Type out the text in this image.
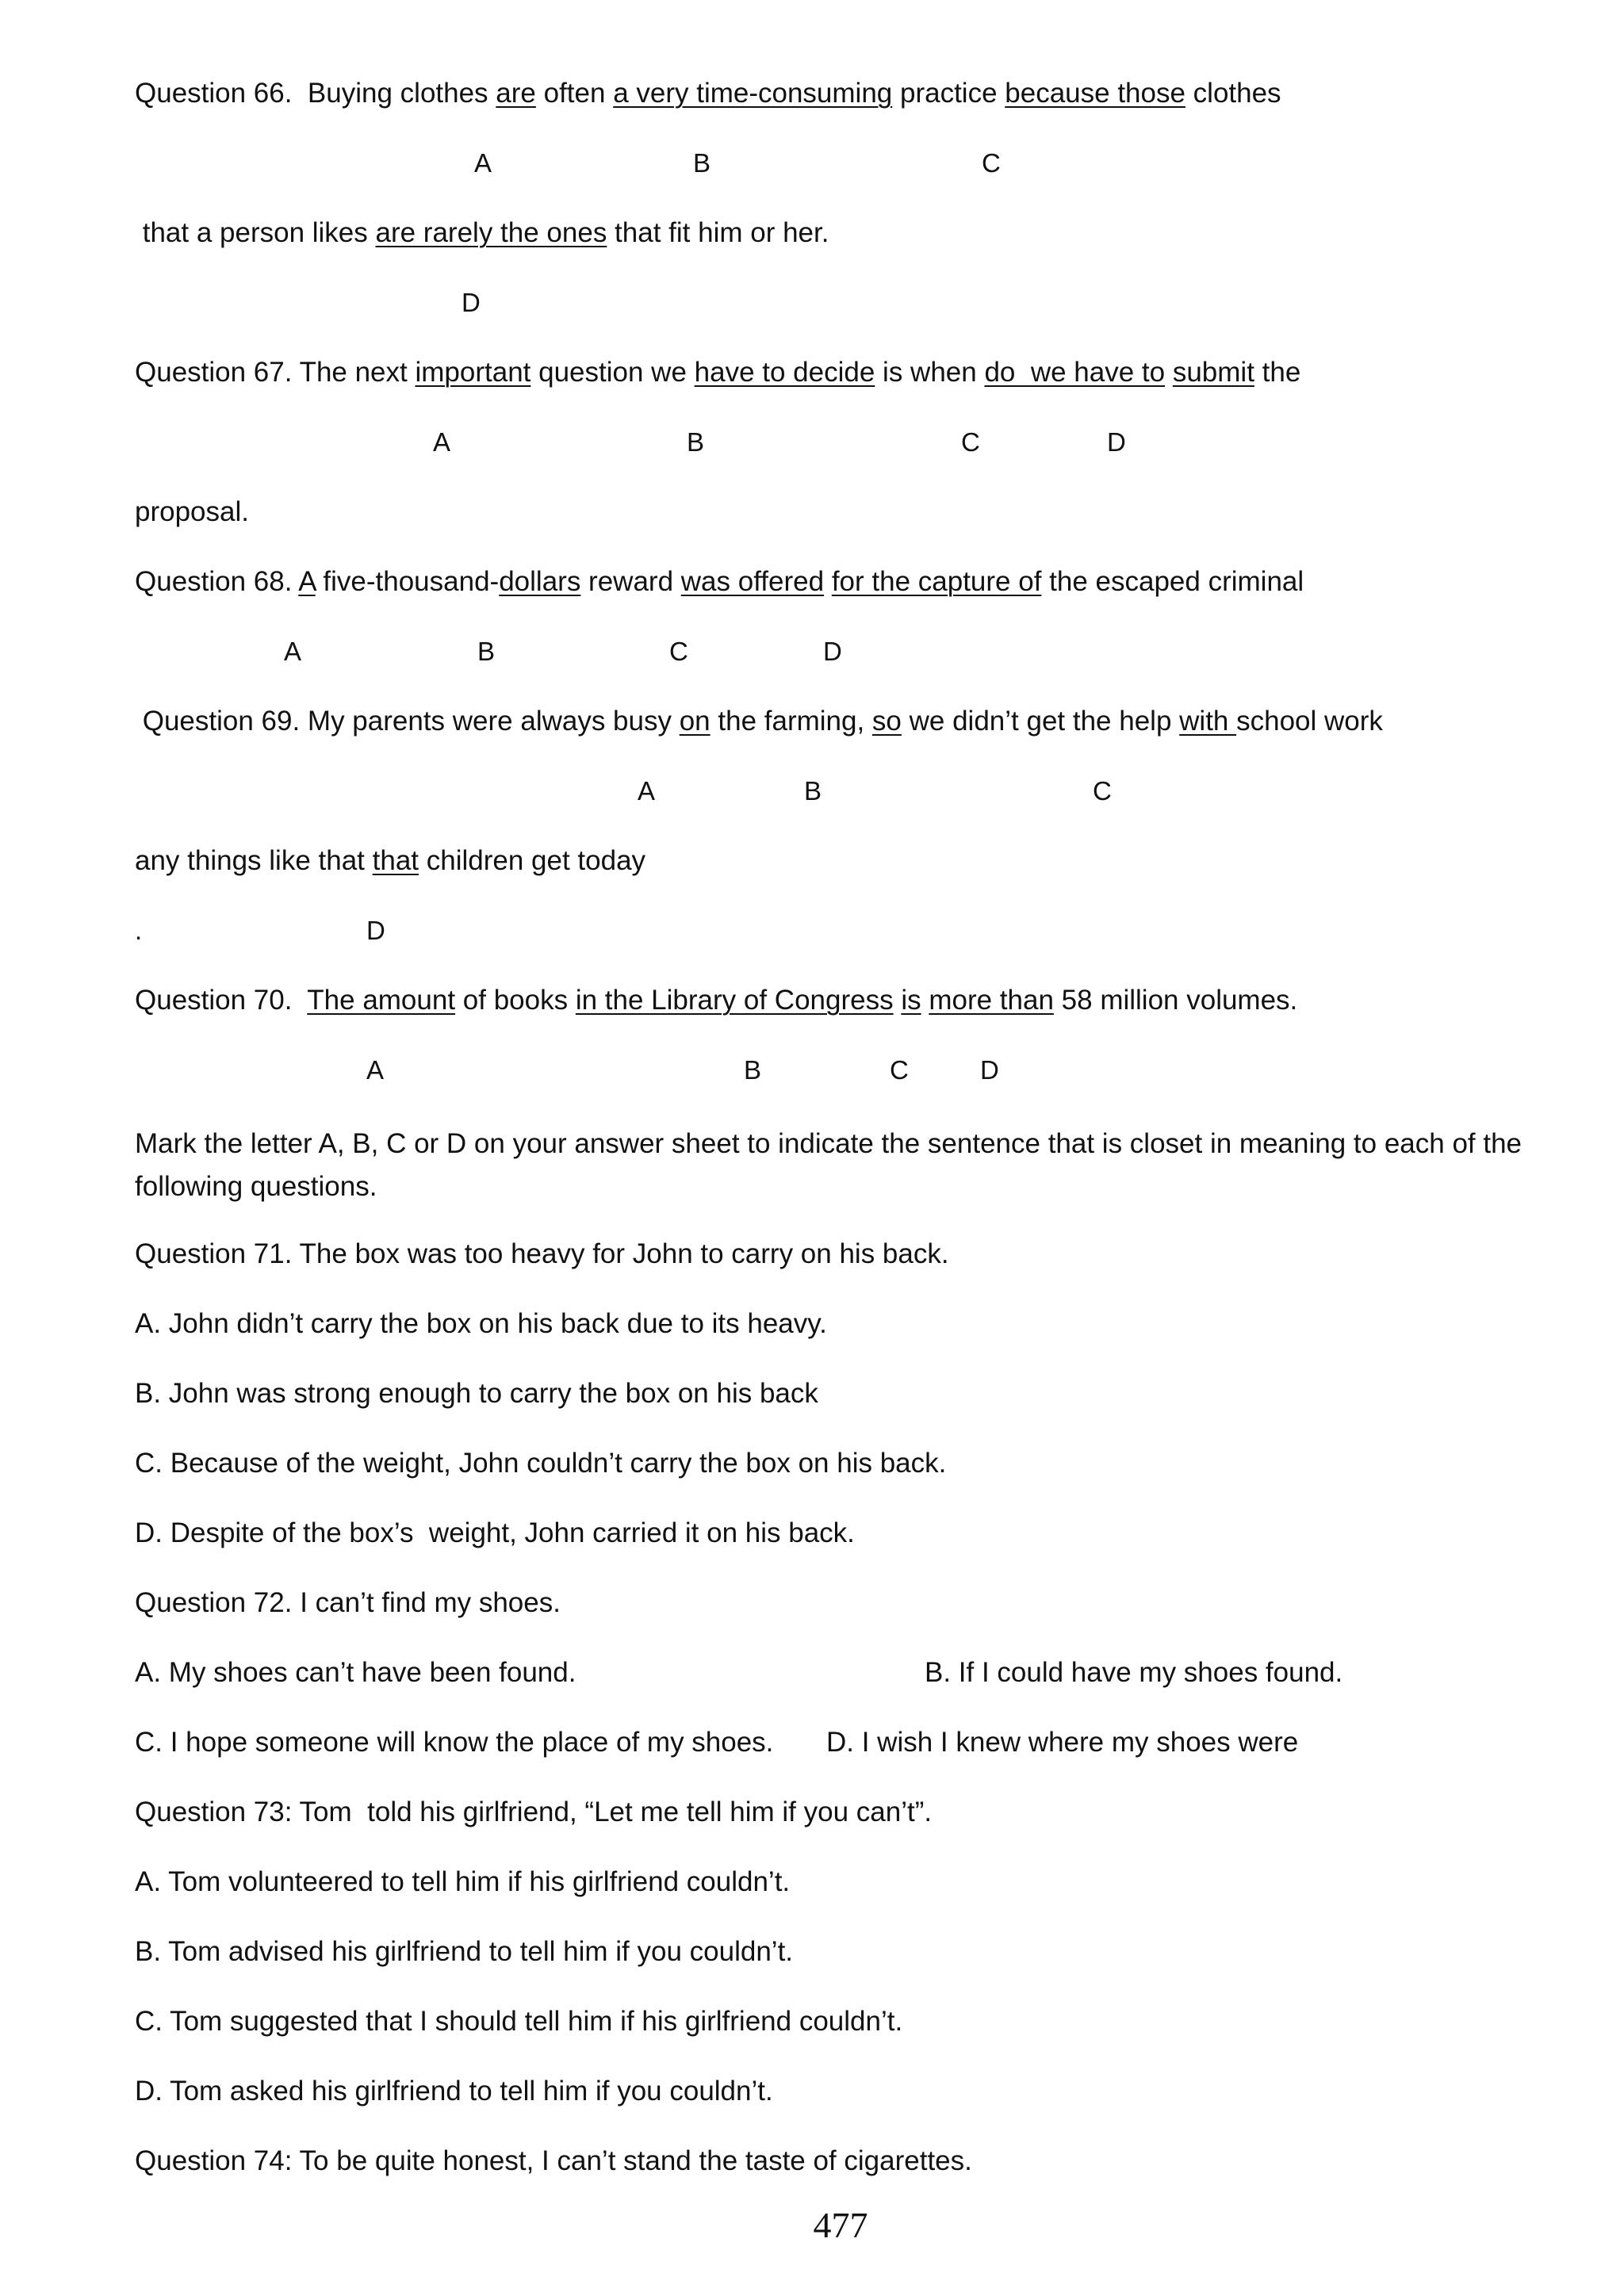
Question 66.  Buying clothes are often a very time-consuming practice because those clothes
A	B	C
that a person likes are rarely the ones that fit him or her.
D
Question 67. The next important question we have to decide is when do  we have to submit the
A	B	C	D
proposal.
Question 68. A five-thousand-dollars reward was offered for the capture of the escaped criminal
A	B	C	D
Question 69. My parents were always busy on the farming, so we didn’t get the help with school work
A	B	C
any things like that that children get today
.	D
Question 70.  The amount of books in the Library of Congress is more than 58 million volumes.
A	B	C	D
Mark the letter A, B, C or D on your answer sheet to indicate the sentence that is closet in meaning to each of the following questions.
Question 71. The box was too heavy for John to carry on his back.
A. John didn’t carry the box on his back due to its heavy.
B. John was strong enough to carry the box on his back
C. Because of the weight, John couldn’t carry the box on his back.
D. Despite of the box’s  weight, John carried it on his back.
Question 72. I can’t find my shoes.
A. My shoes can’t have been found.	B. If I could have my shoes found.
C. I hope someone will know the place of my shoes. D. I wish I knew where my shoes were
Question 73: Tom  told his girlfriend, “Let me tell him if you can’t”.
A. Tom volunteered to tell him if his girlfriend couldn’t.
B. Tom advised his girlfriend to tell him if you couldn’t.
C. Tom suggested that I should tell him if his girlfriend couldn’t.
D. Tom asked his girlfriend to tell him if you couldn’t.
Question 74: To be quite honest, I can’t stand the taste of cigarettes.
477
